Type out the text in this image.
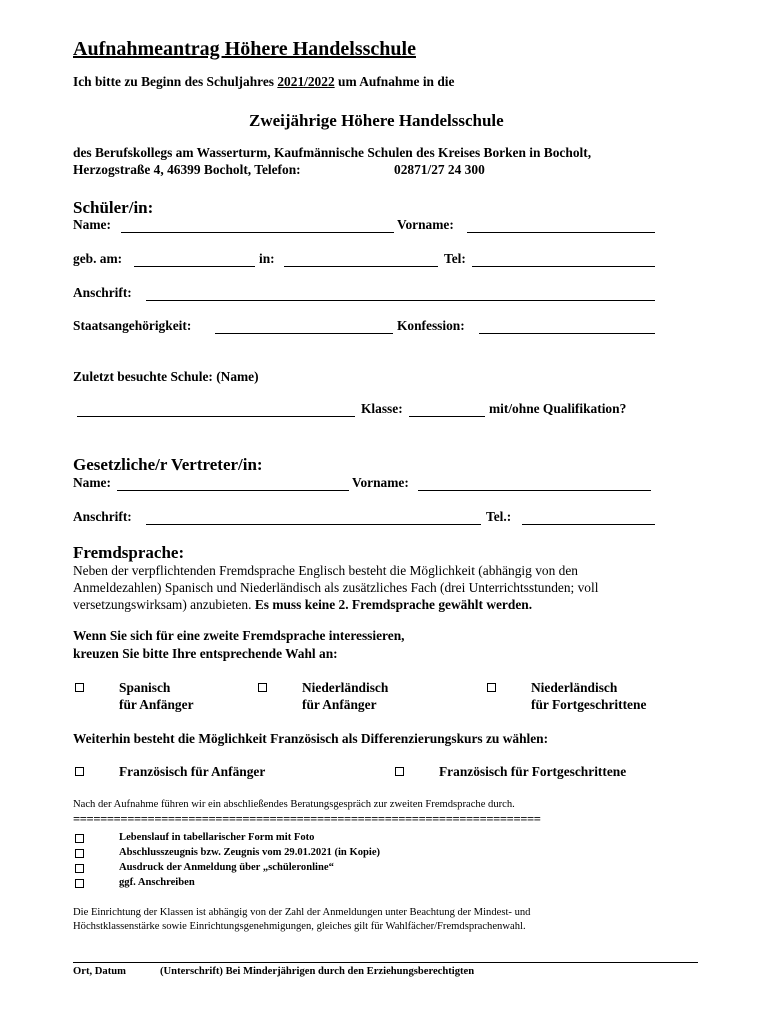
Aufnahmeantrag Höhere Handelsschule
Ich bitte zu Beginn des Schuljahres 2021/2022 um Aufnahme in die
Zweijährige Höhere Handelsschule
des Berufskollegs am Wasserturm, Kaufmännische Schulen des Kreises Borken in Bocholt,
Herzogstraße 4, 46399 Bocholt, Telefon:	02871/27 24 300
Schüler/in:
Name:	Vorname:
geb. am:	in:	Tel:
Anschrift:
Staatsangehörigkeit:	Konfession:
Zuletzt besuchte Schule: (Name)
Klasse:	mit/ohne Qualifikation?
Gesetzliche/r Vertreter/in:
Name:	Vorname:
Anschrift:	Tel.:
Fremdsprache:
Neben der verpflichtenden Fremdsprache Englisch besteht die Möglichkeit (abhängig von den
Anmeldezahlen) Spanisch und Niederländisch als zusätzliches Fach (drei Unterrichtsstunden; voll
versetzungswirksam) anzubieten. Es muss keine 2. Fremdsprache gewählt werden.
Wenn Sie sich für eine zweite Fremdsprache interessieren,
kreuzen Sie bitte Ihre entsprechende Wahl an:
Spanisch
für Anfänger
Niederländisch
für Anfänger
Niederländisch
für Fortgeschrittene
Weiterhin besteht die Möglichkeit Französisch als Differenzierungskurs zu wählen:
Französisch für Anfänger	Französisch für Fortgeschrittene
Nach der Aufnahme führen wir ein abschließendes Beratungsgespräch zur zweiten Fremdsprache durch.
=====================================================================
Lebenslauf in tabellarischer Form mit Foto
Abschlusszeugnis bzw. Zeugnis vom 29.01.2021 (in Kopie)
Ausdruck der Anmeldung über „schüleronline“
ggf. Anschreiben
Die Einrichtung der Klassen ist abhängig von der Zahl der Anmeldungen unter Beachtung der Mindest- und
Höchstklassenstärke sowie Einrichtungsgenehmigungen, gleiches gilt für Wahlfächer/Fremdsprachenwahl.
Ort, Datum	(Unterschrift) Bei Minderjährigen durch den Erziehungsberechtigten
